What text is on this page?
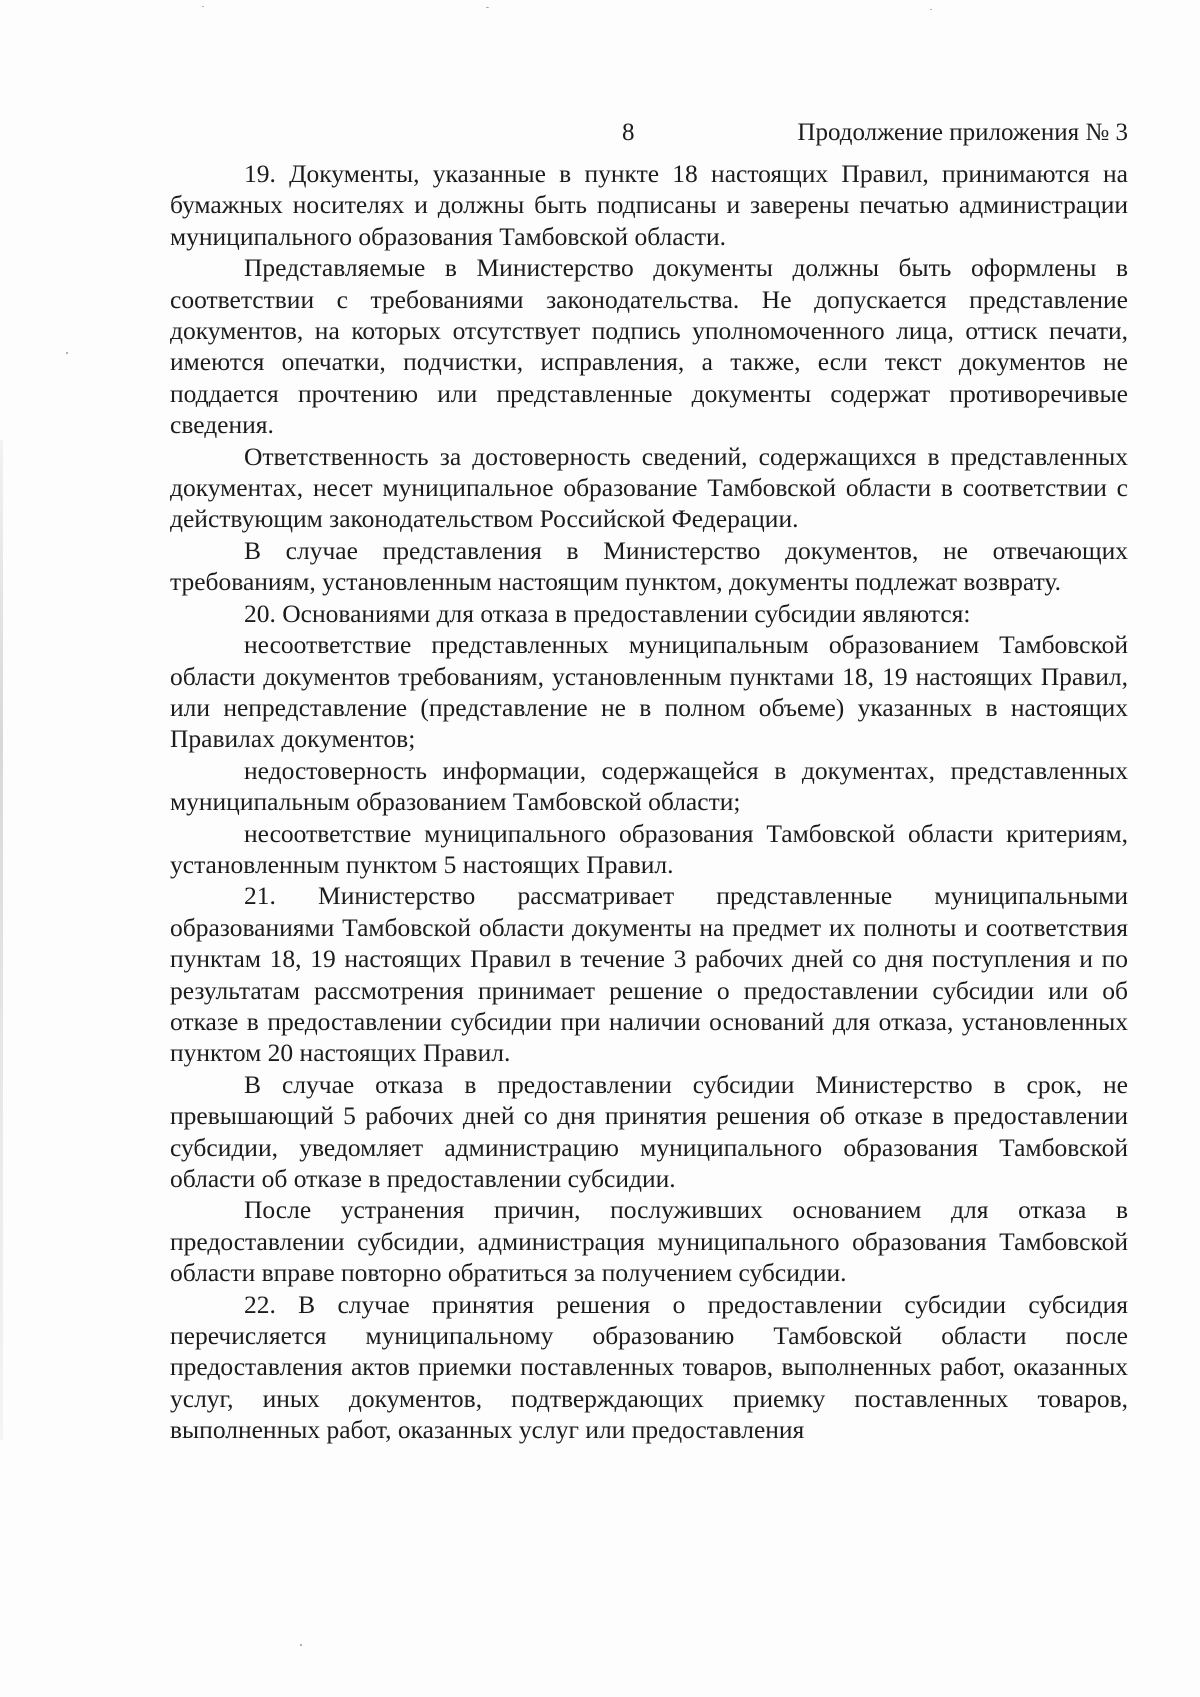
8	Продолжение приложения № 3

19. Документы, указанные в пункте 18 настоящих Правил, принимаются на бумажных носителях и должны быть подписаны и заверены печатью администрации муниципального образования Тамбовской области.

Представляемые в Министерство документы должны быть оформлены в соответствии с требованиями законодательства. Не допускается представление документов, на которых отсутствует подпись уполномоченного лица, оттиск печати, имеются опечатки, подчистки, исправления, а также, если текст документов не поддается прочтению или представленные документы содержат противоречивые сведения.

Ответственность за достоверность сведений, содержащихся в представленных документах, несет муниципальное образование Тамбовской области в соответствии с действующим законодательством Российской Федерации.

В случае представления в Министерство документов, не отвечающих требованиям, установленным настоящим пунктом, документы подлежат возврату.

20. Основаниями для отказа в предоставлении субсидии являются:

несоответствие представленных муниципальным образованием Тамбовской области документов требованиям, установленным пунктами 18, 19 настоящих Правил, или непредставление (представление не в полном объеме) указанных в настоящих Правилах документов;

недостоверность информации, содержащейся в документах, представленных муниципальным образованием Тамбовской области;

несоответствие муниципального образования Тамбовской области критериям, установленным пунктом 5 настоящих Правил.

21. Министерство рассматривает представленные муниципальными образованиями Тамбовской области документы на предмет их полноты и соответствия пунктам 18, 19 настоящих Правил в течение 3 рабочих дней со дня поступления и по результатам рассмотрения принимает решение о предоставлении субсидии или об отказе в предоставлении субсидии при наличии оснований для отказа, установленных пунктом 20 настоящих Правил.

В случае отказа в предоставлении субсидии Министерство в срок, не превышающий 5 рабочих дней со дня принятия решения об отказе в предоставлении субсидии, уведомляет администрацию муниципального образования Тамбовской области об отказе в предоставлении субсидии.

После устранения причин, послуживших основанием для отказа в предоставлении субсидии, администрация муниципального образования Тамбовской области вправе повторно обратиться за получением субсидии.

22. В случае принятия решения о предоставлении субсидии субсидия перечисляется муниципальному образованию Тамбовской области после предоставления актов приемки поставленных товаров, выполненных работ, оказанных услуг, иных документов, подтверждающих приемку поставленных товаров, выполненных работ, оказанных услуг или предоставления
